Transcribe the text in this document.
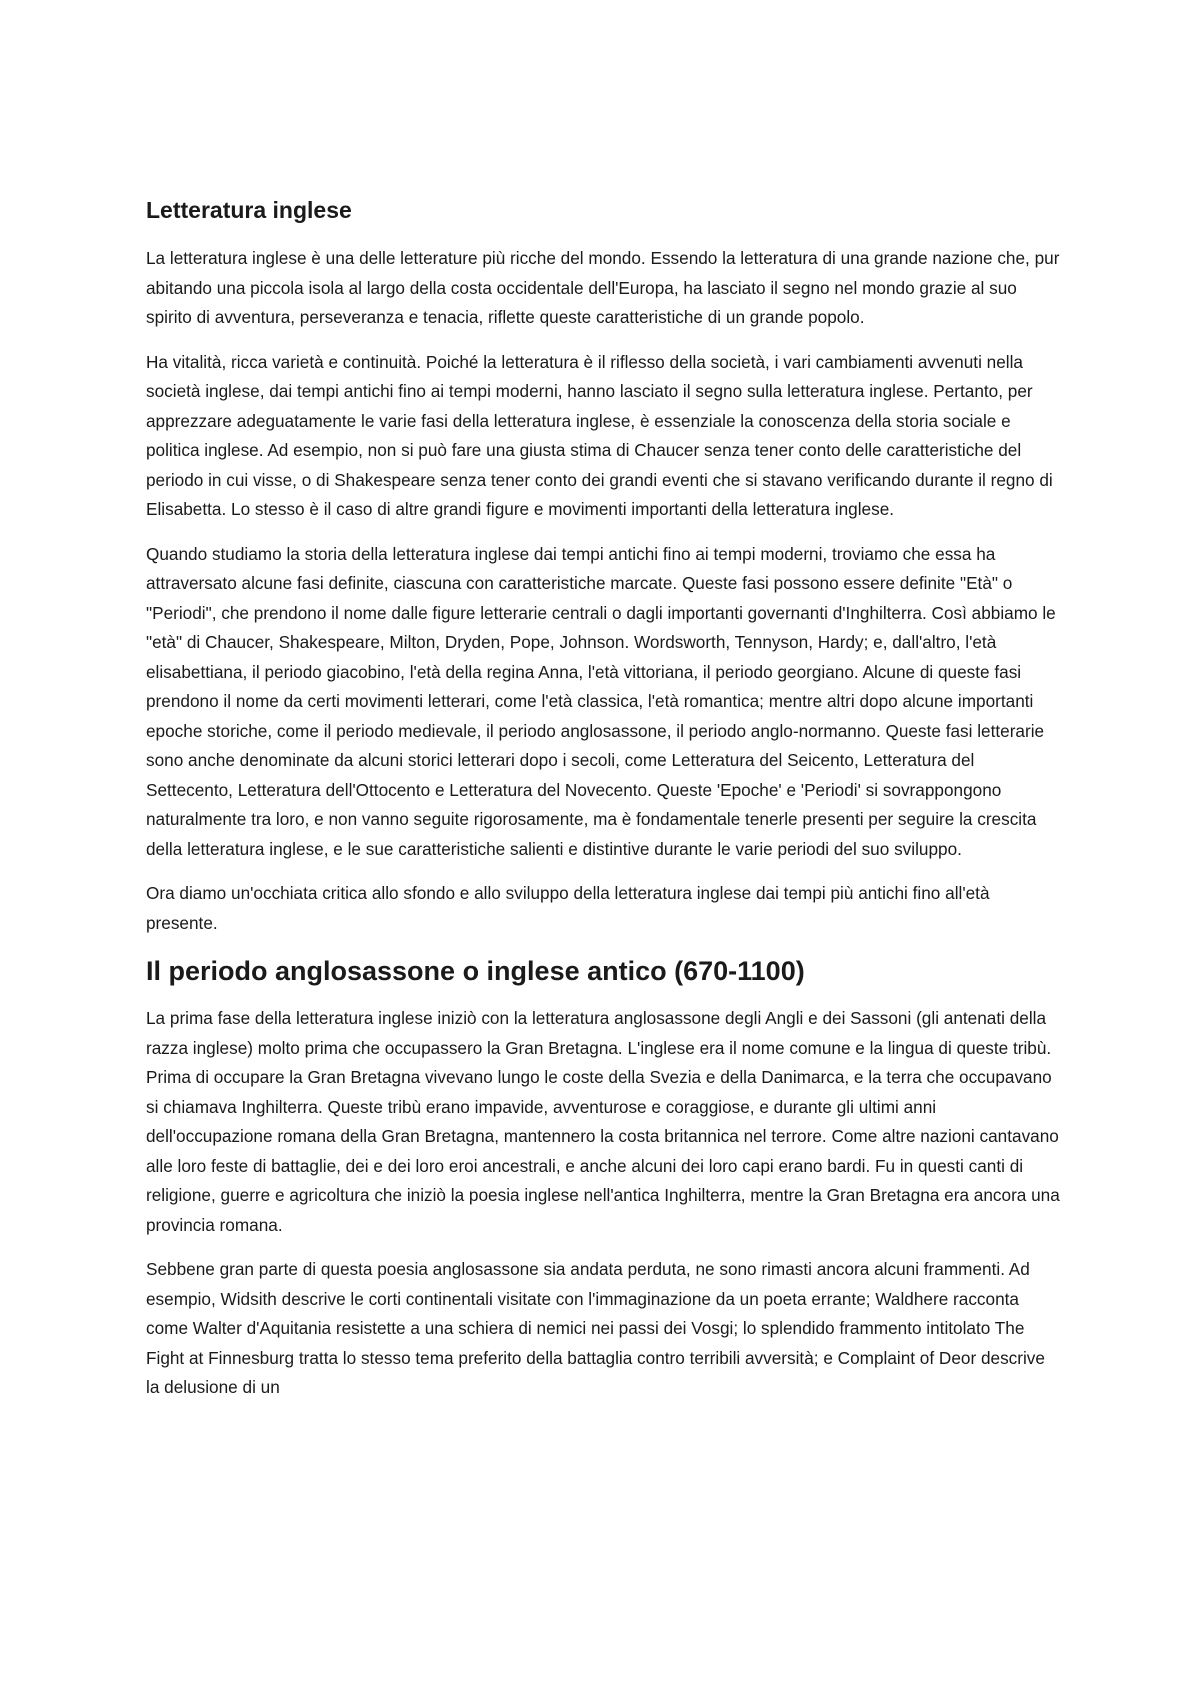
Letteratura inglese

La letteratura inglese è una delle letterature più ricche del mondo. Essendo la letteratura di una grande nazione che, pur abitando una piccola isola al largo della costa occidentale dell'Europa, ha lasciato il segno nel mondo grazie al suo spirito di avventura, perseveranza e tenacia, riflette queste caratteristiche di un grande popolo.

Ha vitalità, ricca varietà e continuità. Poiché la letteratura è il riflesso della società, i vari cambiamenti avvenuti nella società inglese, dai tempi antichi fino ai tempi moderni, hanno lasciato il segno sulla letteratura inglese. Pertanto, per apprezzare adeguatamente le varie fasi della letteratura inglese, è essenziale la conoscenza della storia sociale e politica inglese. Ad esempio, non si può fare una giusta stima di Chaucer senza tener conto delle caratteristiche del periodo in cui visse, o di Shakespeare senza tener conto dei grandi eventi che si stavano verificando durante il regno di Elisabetta. Lo stesso è il caso di altre grandi figure e movimenti importanti della letteratura inglese.

Quando studiamo la storia della letteratura inglese dai tempi antichi fino ai tempi moderni, troviamo che essa ha attraversato alcune fasi definite, ciascuna con caratteristiche marcate. Queste fasi possono essere definite "Età" o "Periodi", che prendono il nome dalle figure letterarie centrali o dagli importanti governanti d'Inghilterra. Così abbiamo le "età" di Chaucer, Shakespeare, Milton, Dryden, Pope, Johnson. Wordsworth, Tennyson, Hardy; e, dall'altro, l'età elisabettiana, il periodo giacobino, l'età della regina Anna, l'età vittoriana, il periodo georgiano. Alcune di queste fasi prendono il nome da certi movimenti letterari, come l'età classica, l'età romantica; mentre altri dopo alcune importanti epoche storiche, come il periodo medievale, il periodo anglosassone, il periodo anglo-normanno. Queste fasi letterarie sono anche denominate da alcuni storici letterari dopo i secoli, come Letteratura del Seicento, Letteratura del Settecento, Letteratura dell'Ottocento e Letteratura del Novecento. Queste 'Epoche' e 'Periodi' si sovrappongono naturalmente tra loro, e non vanno seguite rigorosamente, ma è fondamentale tenerle presenti per seguire la crescita della letteratura inglese, e le sue caratteristiche salienti e distintive durante le varie periodi del suo sviluppo.

Ora diamo un'occhiata critica allo sfondo e allo sviluppo della letteratura inglese dai tempi più antichi fino all'età presente.

Il periodo anglosassone o inglese antico (670-1100)

La prima fase della letteratura inglese iniziò con la letteratura anglosassone degli Angli e dei Sassoni (gli antenati della razza inglese) molto prima che occupassero la Gran Bretagna. L'inglese era il nome comune e la lingua di queste tribù. Prima di occupare la Gran Bretagna vivevano lungo le coste della Svezia e della Danimarca, e la terra che occupavano si chiamava Inghilterra. Queste tribù erano impavide, avventurose e coraggiose, e durante gli ultimi anni dell'occupazione romana della Gran Bretagna, mantennero la costa britannica nel terrore. Come altre nazioni cantavano alle loro feste di battaglie, dei e dei loro eroi ancestrali, e anche alcuni dei loro capi erano bardi. Fu in questi canti di religione, guerre e agricoltura che iniziò la poesia inglese nell'antica Inghilterra, mentre la Gran Bretagna era ancora una provincia romana.

Sebbene gran parte di questa poesia anglosassone sia andata perduta, ne sono rimasti ancora alcuni frammenti. Ad esempio, Widsith descrive le corti continentali visitate con l'immaginazione da un poeta errante; Waldhere racconta come Walter d'Aquitania resistette a una schiera di nemici nei passi dei Vosgi; lo splendido frammento intitolato The Fight at Finnesburg tratta lo stesso tema preferito della battaglia contro terribili avversità; e Complaint of Deor descrive la delusione di un
